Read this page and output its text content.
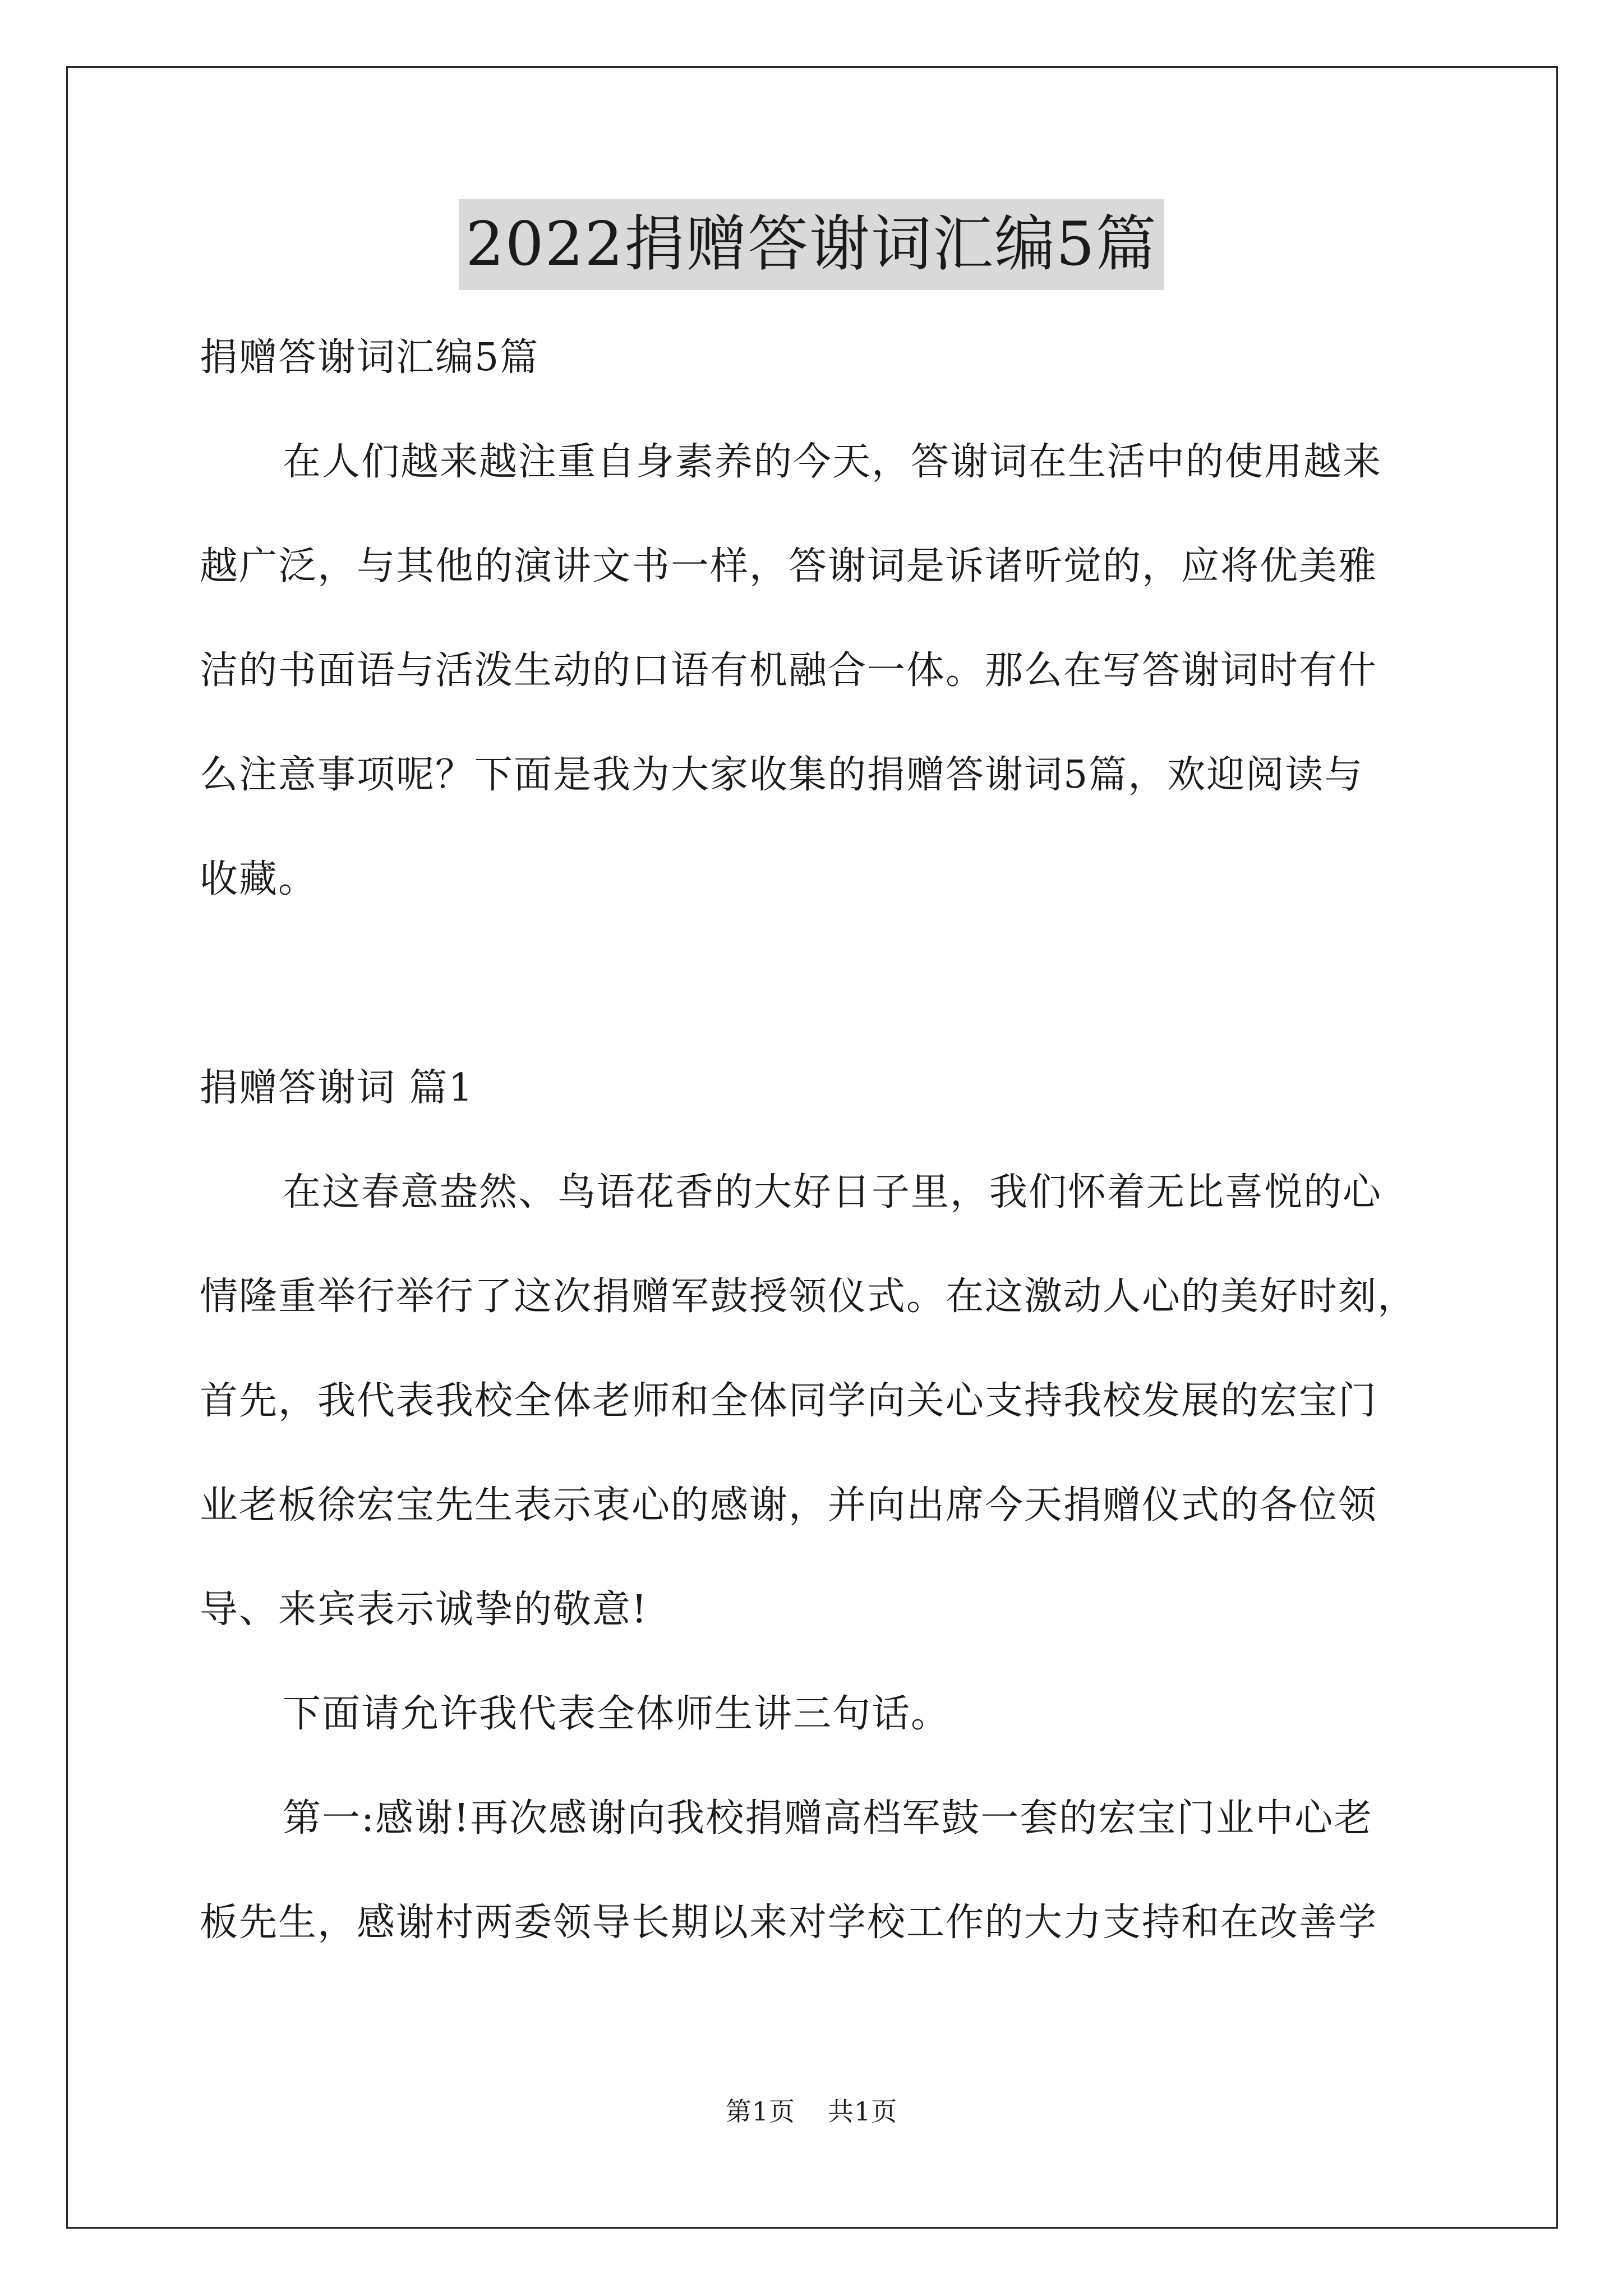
2022捐赠答谢词汇编5篇
捐赠答谢词汇编5篇
在人们越来越注重自身素养的今天，答谢词在生活中的使用越来
越广泛，与其他的演讲文书一样，答谢词是诉诸听觉的，应将优美雅
洁的书面语与活泼生动的口语有机融合一体。那么在写答谢词时有什
么注意事项呢？下面是我为大家收集的捐赠答谢词5篇，欢迎阅读与
收藏。
捐赠答谢词 篇1
在这春意盎然、鸟语花香的大好日子里，我们怀着无比喜悦的心
情隆重举行举行了这次捐赠军鼓授领仪式。在这激动人心的美好时刻，
首先，我代表我校全体老师和全体同学向关心支持我校发展的宏宝门
业老板徐宏宝先生表示衷心的感谢，并向出席今天捐赠仪式的各位领
导、来宾表示诚挚的敬意!
下面请允许我代表全体师生讲三句话。
第一:感谢!再次感谢向我校捐赠高档军鼓一套的宏宝门业中心老
板先生，感谢村两委领导长期以来对学校工作的大力支持和在改善学
第1页 共1页
